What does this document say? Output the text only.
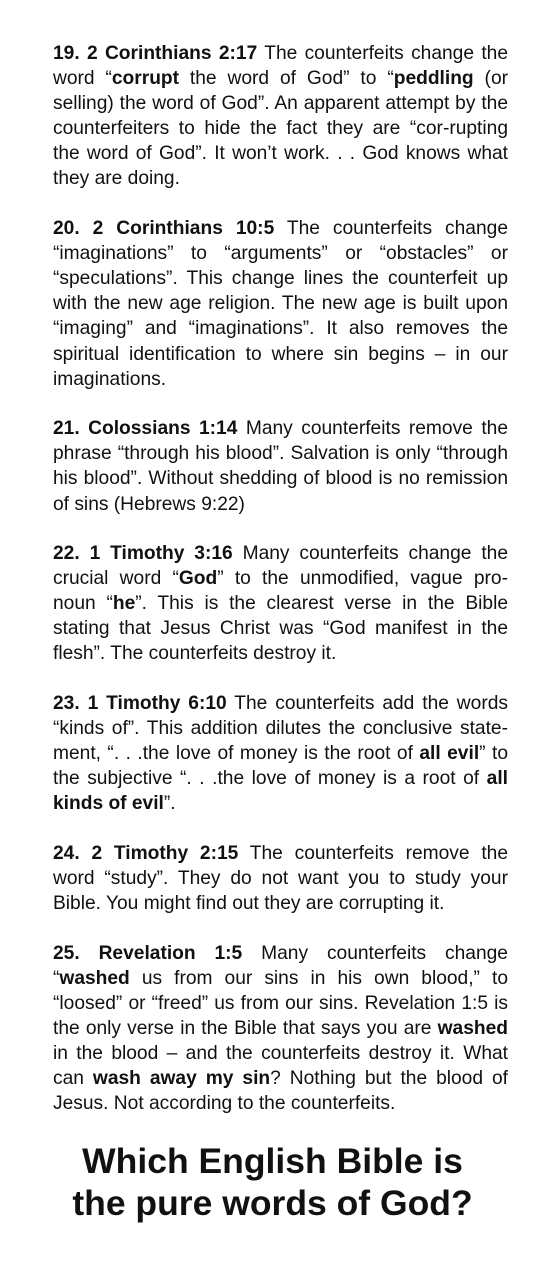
19. 2 Corinthians 2:17 The counterfeits change the word “corrupt the word of God” to “peddling (or selling) the word of God”. An apparent attempt by the counterfeiters to hide the fact they are “cor-rupting the word of God”. It won’t work. . . God knows what they are doing.

20. 2 Corinthians 10:5 The counterfeits change “imaginations” to “arguments” or “obstacles” or “speculations”. This change lines the counterfeit up with the new age religion. The new age is built upon “imaging” and “imaginations”. It also removes the spiritual identification to where sin begins – in our imaginations.

21. Colossians 1:14 Many counterfeits remove the phrase “through his blood”. Salvation is only “through his blood”. Without shedding of blood is no remission of sins (Hebrews 9:22)

22. 1 Timothy 3:16 Many counterfeits change the crucial word “God” to the unmodified, vague pro-noun “he”. This is the clearest verse in the Bible stating that Jesus Christ was “God manifest in the flesh”. The counterfeits destroy it.

23. 1 Timothy 6:10 The counterfeits add the words “kinds of”. This addition dilutes the conclusive state-ment, “. . .the love of money is the root of all evil” to the subjective “. . .the love of money is a root of all kinds of evil”.

24. 2 Timothy 2:15 The counterfeits remove the word “study”. They do not want you to study your Bible. You might find out they are corrupting it.

25. Revelation 1:5 Many counterfeits change “washed us from our sins in his own blood,” to “loosed” or “freed” us from our sins. Revelation 1:5 is the only verse in the Bible that says you are washed in the blood – and the counterfeits destroy it. What can wash away my sin? Nothing but the blood of Jesus. Not according to the counterfeits.

Which English Bible is
the pure words of God?
